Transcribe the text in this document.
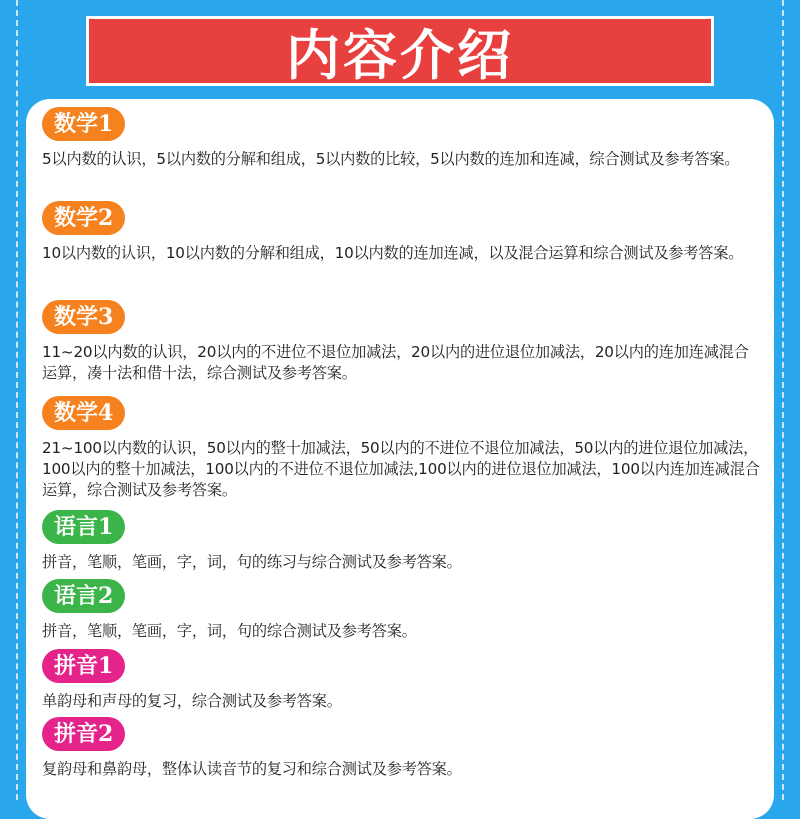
内容介绍
数学1
5以内数的认识，5以内数的分解和组成，5以内数的比较，5以内数的连加和连减，综合测试及参考答案。
数学2
10以内数的认识，10以内数的分解和组成，10以内数的连加连减，以及混合运算和综合测试及参考答案。
数学3
11~20以内数的认识，20以内的不进位不退位加减法，20以内的进位退位加减法，20以内的连加连减混合运算，凑十法和借十法，综合测试及参考答案。
数学4
21~100以内数的认识，50以内的整十加减法，50以内的不进位不退位加减法，50以内的进位退位加减法，100以内的整十加减法，100以内的不进位不退位加减法,100以内的进位退位加减法，100以内连加连减混合运算，综合测试及参考答案。
语言1
拼音，笔顺，笔画，字，词，句的练习与综合测试及参考答案。
语言2
拼音，笔顺，笔画，字，词，句的综合测试及参考答案。
拼音1
单韵母和声母的复习，综合测试及参考答案。
拼音2
复韵母和鼻韵母，整体认读音节的复习和综合测试及参考答案。
